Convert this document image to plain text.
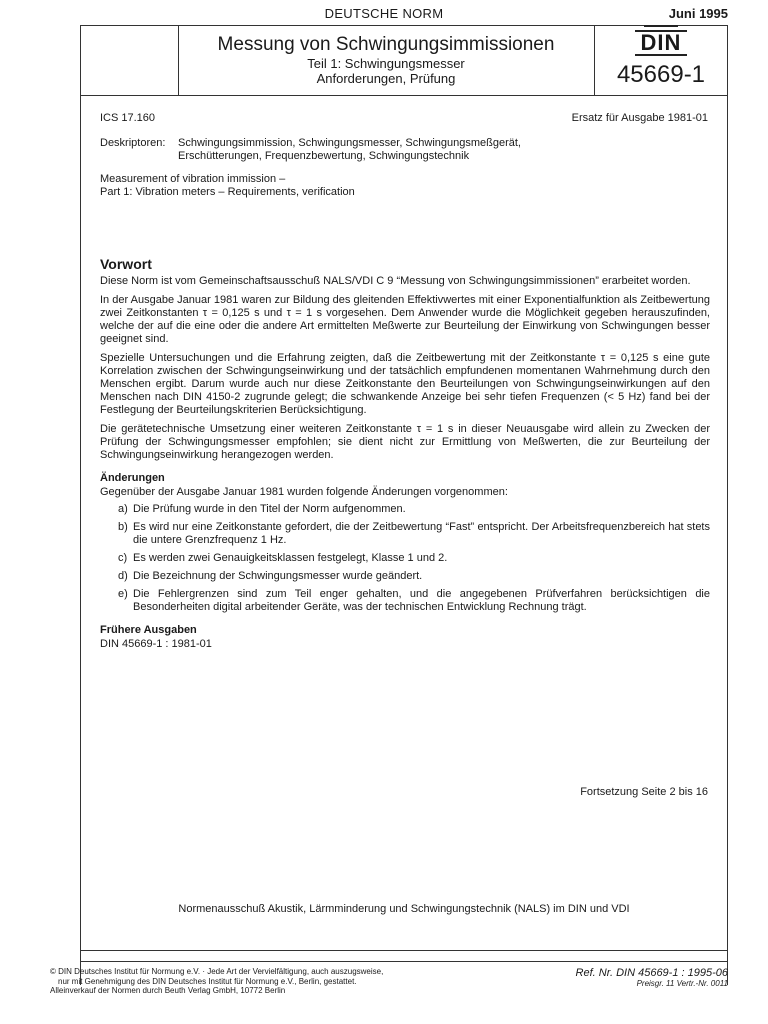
DEUTSCHE NORM	Juni 1995
Messung von Schwingungsimmissionen
Teil 1: Schwingungsmesser
Anforderungen, Prüfung
DIN
45669-1
ICS 17.160	Ersatz für Ausgabe 1981-01
Deskriptoren: Schwingungsimmission, Schwingungsmesser, Schwingungsmeßgerät,
Erschütterungen, Frequenzbewertung, Schwingungstechnik
Measurement of vibration immission –
Part 1: Vibration meters – Requirements, verification
Vorwort

Diese Norm ist vom Gemeinschaftsausschuß NALS/VDI C 9 “Messung von Schwingungsimmissionen” erarbeitet worden.

In der Ausgabe Januar 1981 waren zur Bildung des gleitenden Effektivwertes mit einer Exponentialfunktion als Zeitbewertung zwei Zeitkonstanten τ = 0,125 s und τ = 1 s vorgesehen. Dem Anwender wurde die Möglichkeit gegeben herauszufinden, welche der auf die eine oder die andere Art ermittelten Meßwerte zur Beurteilung der Einwirkung von Schwingungen besser geeignet sind.

Spezielle Untersuchungen und die Erfahrung zeigten, daß die Zeitbewertung mit der Zeitkonstante τ = 0,125 s eine gute Korrelation zwischen der Schwingungseinwirkung und der tatsächlich empfundenen momentanen Wahrnehmung durch den Menschen ergibt. Darum wurde auch nur diese Zeitkonstante den Beurteilungen von Schwingungseinwirkungen auf den Menschen nach DIN 4150-2 zugrunde gelegt; die schwankende Anzeige bei sehr tiefen Frequenzen (< 5 Hz) fand bei der Festlegung der Beurteilungskriterien Berücksichtigung.

Die gerätetechnische Umsetzung einer weiteren Zeitkonstante τ = 1 s in dieser Neuausgabe wird allein zu Zwecken der Prüfung der Schwingungsmesser empfohlen; sie dient nicht zur Ermittlung von Meßwerten, die zur Beurteilung der Schwingungseinwirkung herangezogen werden.

Änderungen
Gegenüber der Ausgabe Januar 1981 wurden folgende Änderungen vorgenommen:
a) Die Prüfung wurde in den Titel der Norm aufgenommen.
b) Es wird nur eine Zeitkonstante gefordert, die der Zeitbewertung “Fast” entspricht. Der Arbeitsfrequenzbereich hat stets die untere Grenzfrequenz 1 Hz.
c) Es werden zwei Genauigkeitsklassen festgelegt, Klasse 1 und 2.
d) Die Bezeichnung der Schwingungsmesser wurde geändert.
e) Die Fehlergrenzen sind zum Teil enger gehalten, und die angegebenen Prüfverfahren berücksichtigen die Besonderheiten digital arbeitender Geräte, was der technischen Entwicklung Rechnung trägt.
Frühere Ausgaben
DIN 45669-1 : 1981-01
Fortsetzung Seite 2 bis 16
Normenausschuß Akustik, Lärmminderung und Schwingungstechnik (NALS) im DIN und VDI
© DIN Deutsches Institut für Normung e.V. · Jede Art der Vervielfältigung, auch auszugsweise,
nur mit Genehmigung des DIN Deutsches Institut für Normung e.V., Berlin, gestattet.
Alleinverkauf der Normen durch Beuth Verlag GmbH, 10772 Berlin
Ref. Nr. DIN 45669-1 : 1995-06
Preisgr. 11 Vertr.-Nr. 0011
